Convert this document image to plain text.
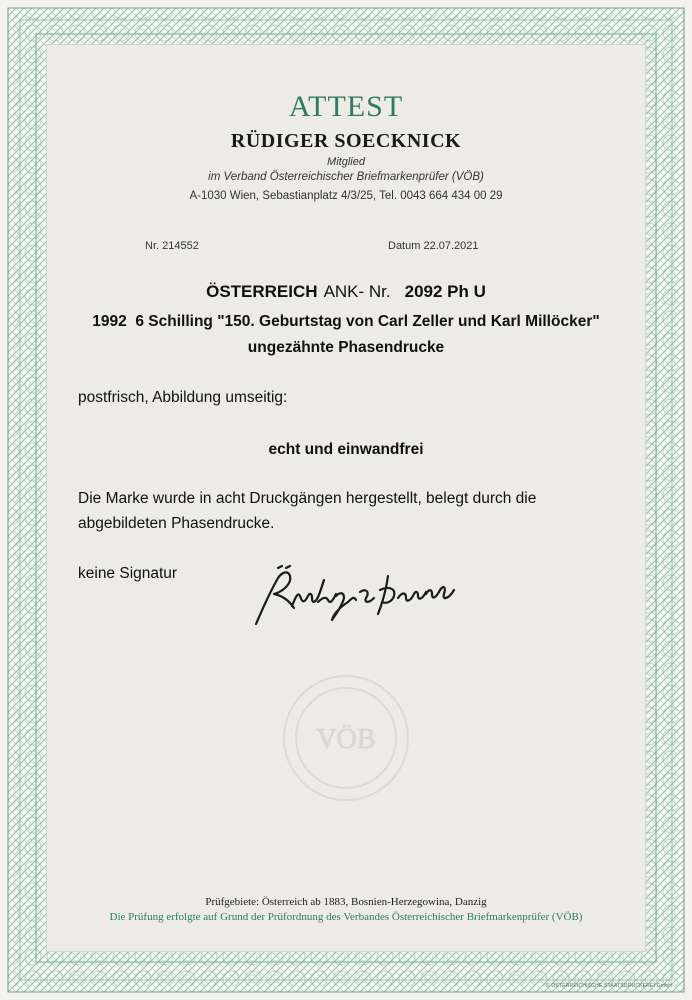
ATTEST
RÜDIGER SOECKNICK
Mitglied
im Verband Österreichischer Briefmarkenprüfer (VÖB)
A-1030 Wien, Sebastianplatz 4/3/25, Tel. 0043 664 434 00 29
Nr. 214552	Datum 22.07.2021
ÖSTERREICH ANK- Nr. 2092 Ph U
1992  6 Schilling "150. Geburtstag von Carl Zeller und Karl Millöcker"
ungezähnte Phasendrucke
postfrisch, Abbildung umseitig:
echt und einwandfrei
Die Marke wurde in acht Druckgängen hergestellt, belegt durch die
abgebildeten Phasendrucke.
keine Signatur
VÖB
Prüfgebiete: Österreich ab 1883, Bosnien-Herzegowina, Danzig
Die Prüfung erfolgte auf Grund der Prüfordnung des Verbandes Österreichischer Briefmarkenprüfer (VÖB)
© ÖSTERREICHISCHE STAATSDRUCKEREI GmbH
